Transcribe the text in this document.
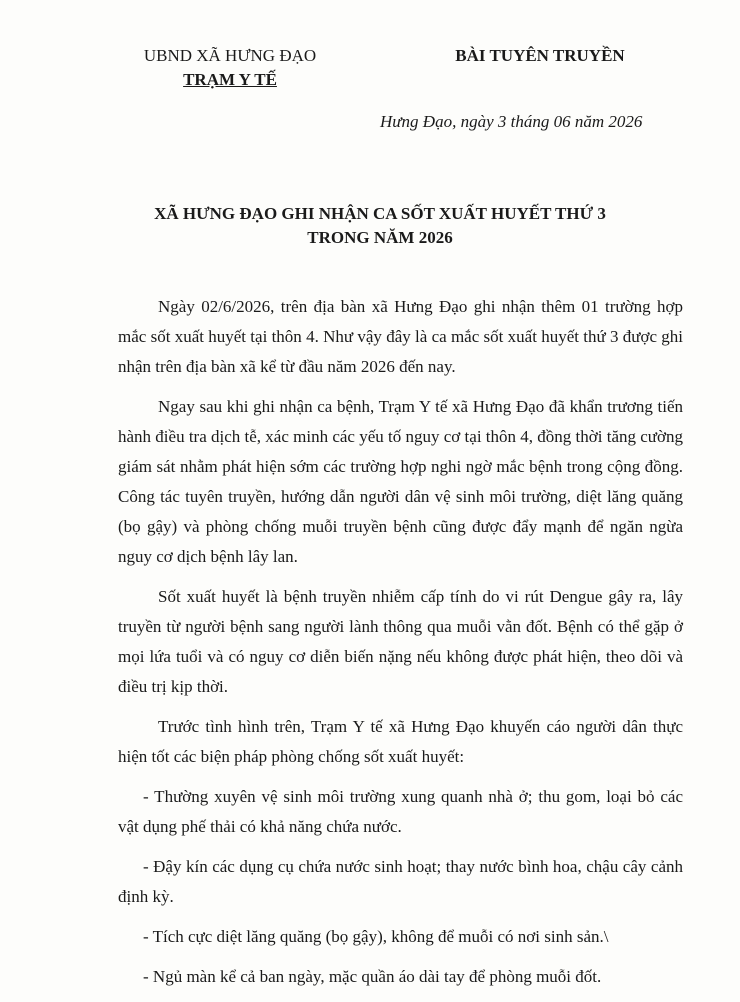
UBND XÃ HƯNG ĐẠO
TRẠM Y TẾ
BÀI TUYÊN TRUYỀN
Hưng Đạo, ngày 3 tháng 06 năm 2026
XÃ HƯNG ĐẠO GHI NHẬN CA SỐT XUẤT HUYẾT THỨ 3
TRONG NĂM 2026

Ngày 02/6/2026, trên địa bàn xã Hưng Đạo ghi nhận thêm 01 trường hợp mắc sốt xuất huyết tại thôn 4. Như vậy đây là ca mắc sốt xuất huyết thứ 3 được ghi nhận trên địa bàn xã kể từ đầu năm 2026 đến nay.

Ngay sau khi ghi nhận ca bệnh, Trạm Y tế xã Hưng Đạo đã khẩn trương tiến hành điều tra dịch tễ, xác minh các yếu tố nguy cơ tại thôn 4, đồng thời tăng cường giám sát nhằm phát hiện sớm các trường hợp nghi ngờ mắc bệnh trong cộng đồng. Công tác tuyên truyền, hướng dẫn người dân vệ sinh môi trường, diệt lăng quăng (bọ gậy) và phòng chống muỗi truyền bệnh cũng được đẩy mạnh để ngăn ngừa nguy cơ dịch bệnh lây lan.

Sốt xuất huyết là bệnh truyền nhiễm cấp tính do vi rút Dengue gây ra, lây truyền từ người bệnh sang người lành thông qua muỗi vằn đốt. Bệnh có thể gặp ở mọi lứa tuổi và có nguy cơ diễn biến nặng nếu không được phát hiện, theo dõi và điều trị kịp thời.

Trước tình hình trên, Trạm Y tế xã Hưng Đạo khuyến cáo người dân thực hiện tốt các biện pháp phòng chống sốt xuất huyết:

- Thường xuyên vệ sinh môi trường xung quanh nhà ở; thu gom, loại bỏ các vật dụng phế thải có khả năng chứa nước.

- Đậy kín các dụng cụ chứa nước sinh hoạt; thay nước bình hoa, chậu cây cảnh định kỳ.

- Tích cực diệt lăng quăng (bọ gậy), không để muỗi có nơi sinh sản.\

- Ngủ màn kể cả ban ngày, mặc quần áo dài tay để phòng muỗi đốt.
